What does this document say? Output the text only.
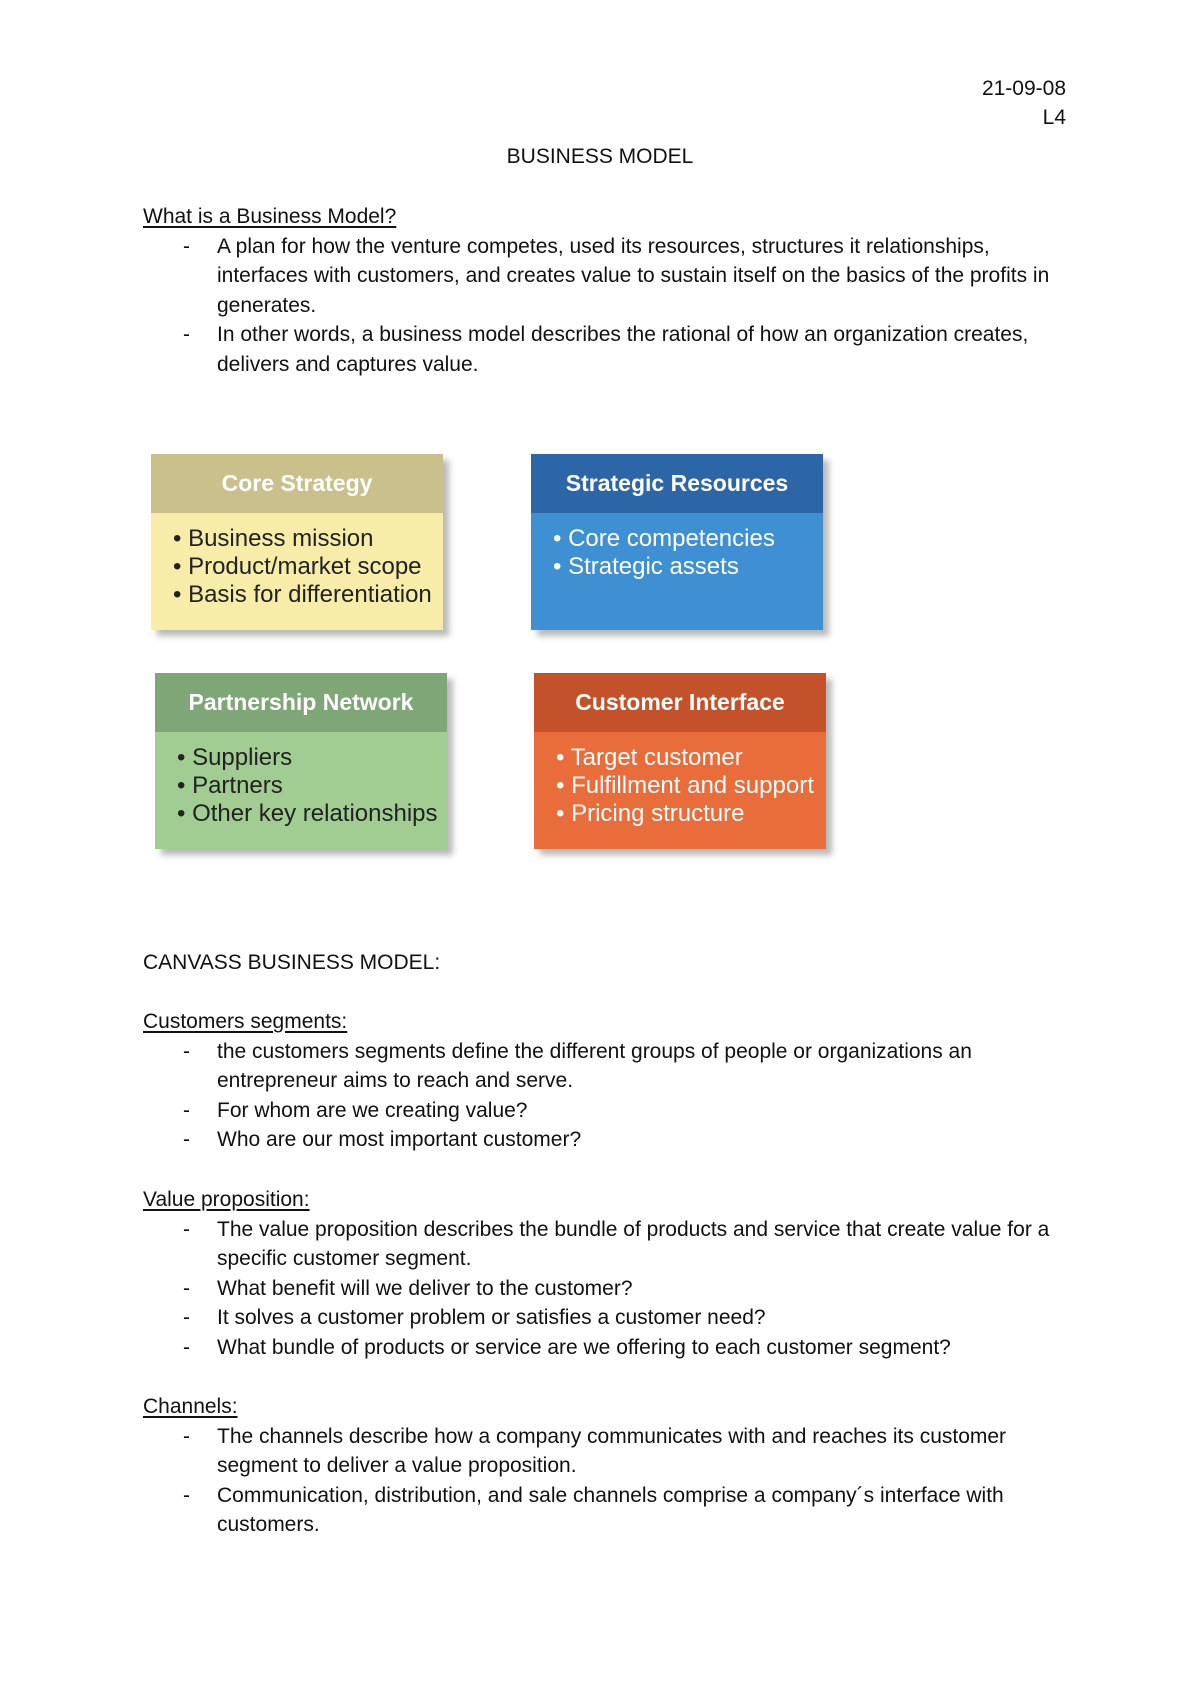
21-09-08
L4
BUSINESS MODEL

What is a Business Model?

- A plan for how the venture competes, used its resources, structures it relationships, interfaces with customers, and creates value to sustain itself on the basics of the profits in generates.
- In other words, a business model describes the rational of how an organization creates, delivers and captures value.
Core Strategy
• Business mission
• Product/market scope
• Basis for differentiation
Strategic Resources
• Core competencies
• Strategic assets
Partnership Network
• Suppliers
• Partners
• Other key relationships
Customer Interface
• Target customer
• Fulfillment and support
• Pricing structure

CANVASS BUSINESS MODEL:

Customers segments:

- the customers segments define the different groups of people or organizations an entrepreneur aims to reach and serve.
- For whom are we creating value?
- Who are our most important customer?

Value proposition:

- The value proposition describes the bundle of products and service that create value for a specific customer segment.
- What benefit will we deliver to the customer?
- It solves a customer problem or satisfies a customer need?
- What bundle of products or service are we offering to each customer segment?

Channels:

- The channels describe how a company communicates with and reaches its customer segment to deliver a value proposition.
- Communication, distribution, and sale channels comprise a company´s interface with customers.
